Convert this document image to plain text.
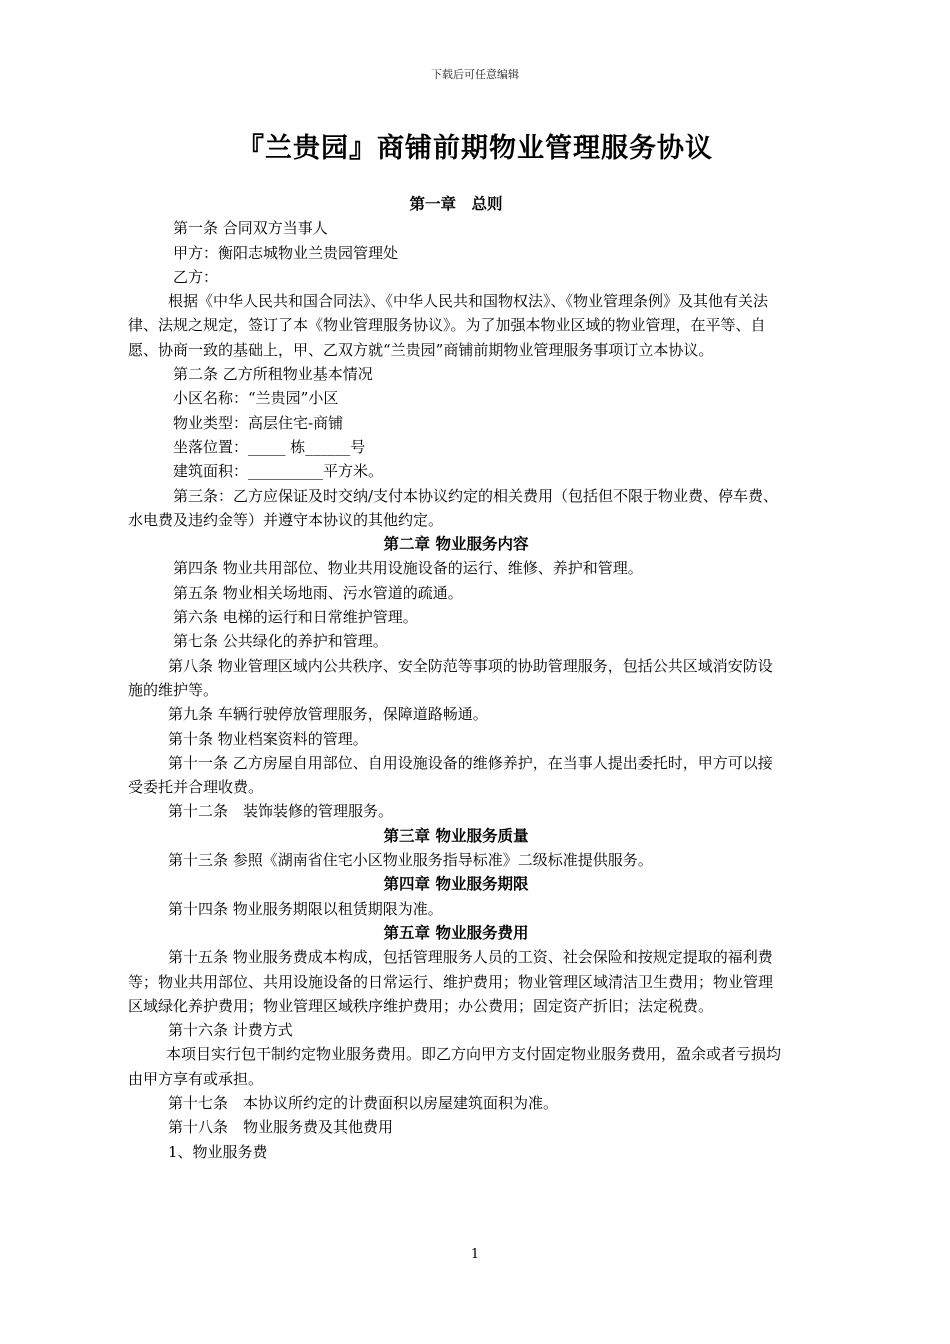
下载后可任意编辑
『兰贵园』商铺前期物业管理服务协议

第一章　总则

第一条 合同双方当事人

甲方：衡阳志城物业兰贵园管理处

乙方：

根据《中华人民共和国合同法》、《中华人民共和国物权法》、《物业管理条例》及其他有关法律、法规之规定，签订了本《物业管理服务协议》。为了加强本物业区域的物业管理，在平等、自愿、协商一致的基础上，甲、乙双方就“兰贵园”商铺前期物业管理服务事项订立本协议。

第二条 乙方所租物业基本情况

小区名称：“兰贵园”小区

物业类型：高层住宅-商铺

坐落位置：_____ 栋______号

建筑面积：__________平方米。

第三条：乙方应保证及时交纳/支付本协议约定的相关费用（包括但不限于物业费、停车费、水电费及违约金等）并遵守本协议的其他约定。

第二章 物业服务内容

第四条 物业共用部位、物业共用设施设备的运行、维修、养护和管理。

第五条 物业相关场地雨、污水管道的疏通。

第六条 电梯的运行和日常维护管理。

第七条 公共绿化的养护和管理。

第八条 物业管理区域内公共秩序、安全防范等事项的协助管理服务，包括公共区域消安防设施的维护等。

第九条 车辆行驶停放管理服务，保障道路畅通。

第十条 物业档案资料的管理。

第十一条 乙方房屋自用部位、自用设施设备的维修养护，在当事人提出委托时，甲方可以接受委托并合理收费。

第十二条　装饰装修的管理服务。

第三章 物业服务质量

第十三条 参照《湖南省住宅小区物业服务指导标准》二级标准提供服务。

第四章 物业服务期限

第十四条 物业服务期限以租赁期限为准。

第五章 物业服务费用

第十五条 物业服务费成本构成，包括管理服务人员的工资、社会保险和按规定提取的福利费等；物业共用部位、共用设施设备的日常运行、维护费用；物业管理区域清洁卫生费用；物业管理区域绿化养护费用；物业管理区域秩序维护费用；办公费用；固定资产折旧；法定税费。

第十六条 计费方式

本项目实行包干制约定物业服务费用。即乙方向甲方支付固定物业服务费用，盈余或者亏损均由甲方享有或承担。

第十七条　本协议所约定的计费面积以房屋建筑面积为准。

第十八条　物业服务费及其他费用

1、物业服务费

1
